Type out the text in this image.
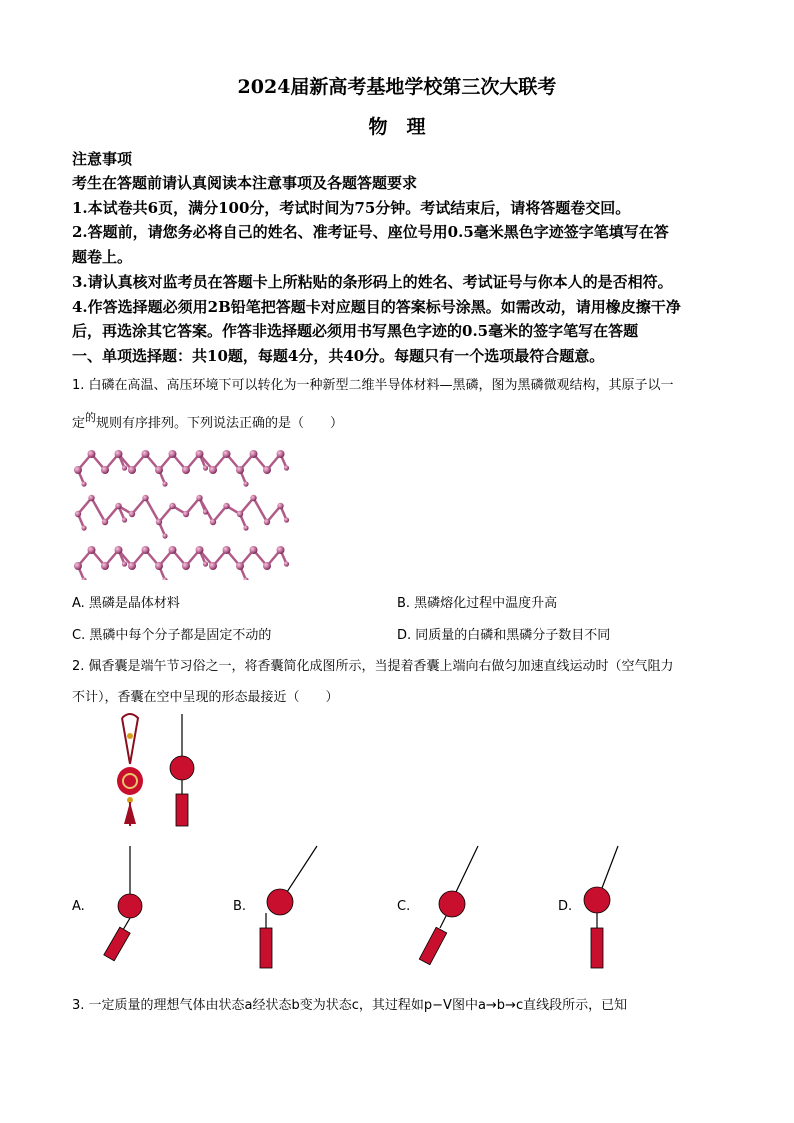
2024届新高考基地学校第三次大联考
物　理
注意事项
考生在答题前请认真阅读本注意事项及各题答题要求
1.本试卷共6页，满分100分，考试时间为75分钟。考试结束后，请将答题卷交回。
2.答题前，请您务必将自己的姓名、准考证号、座位号用0.5毫米黑色字迹签字笔填写在答
题卷上。
3.请认真核对监考员在答题卡上所粘贴的条形码上的姓名、考试证号与你本人的是否相符。
4.作答选择题必须用2B铅笔把答题卡对应题目的答案标号涂黑。如需改动，请用橡皮擦干净
后，再选涂其它答案。作答非选择题必须用书写黑色字迹的0.5毫米的签字笔写在答题
一、单项选择题：共10题，每题4分，共40分。每题只有一个选项最符合题意。
1. 白磷在高温、高压环境下可以转化为一种新型二维半导体材料—黑磷，图为黑磷微观结构，其原子以一
定$^的$规则有序排列。下列说法正确的是（　　）
A. 黑磷是晶体材料	B. 黑磷熔化过程中温度升高
C. 黑磷中每个分子都是固定不动的	D. 同质量的白磷和黑磷分子数目不同
2. 佩香囊是端午节习俗之一，将香囊简化成图所示，当提着香囊上端向右做匀加速直线运动时（空气阻力
不计），香囊在空中呈现的形态最接近（　　）
A.	B.	C.	D.
3. 一定质量的理想气体由状态a经状态b变为状态c，其过程如p−V图中a→b→c直线段所示，已知
